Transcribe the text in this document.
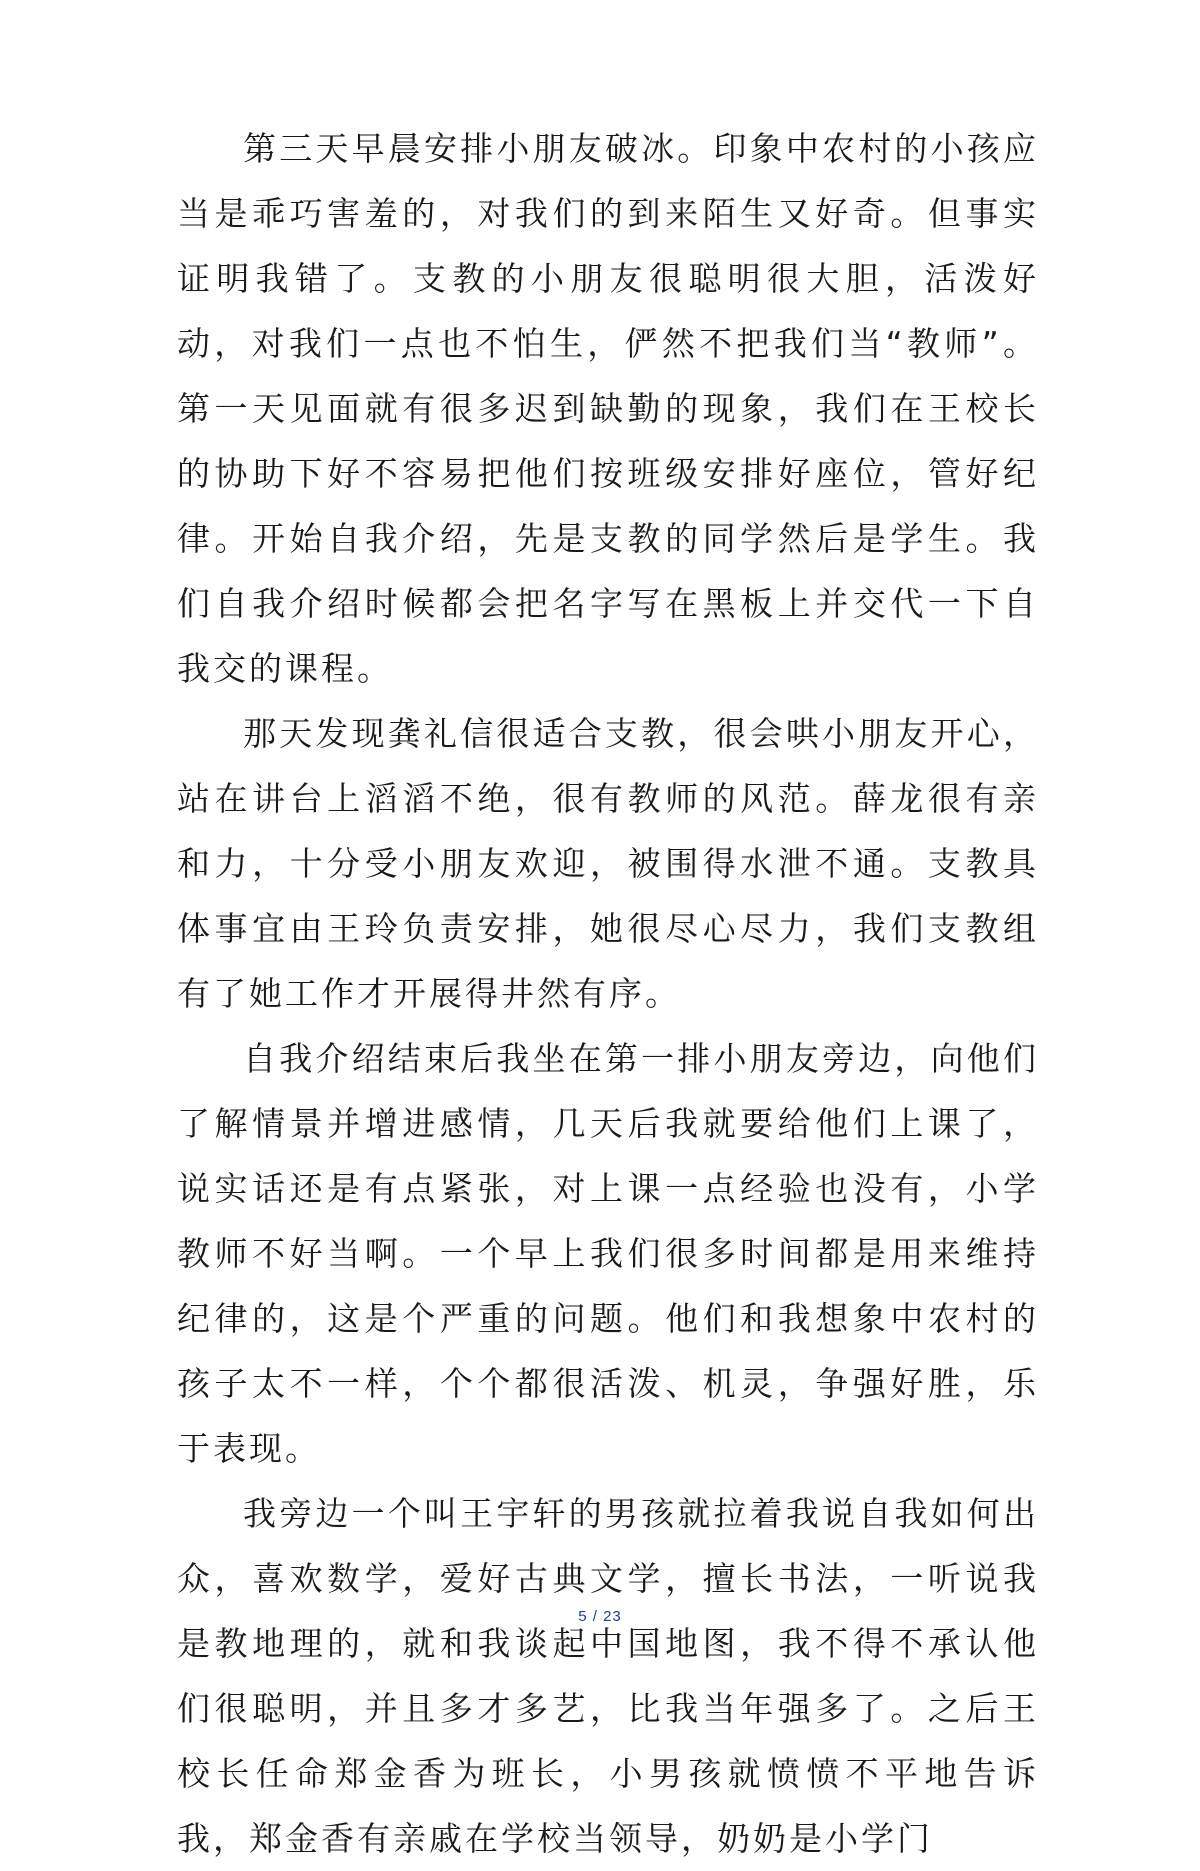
第三天早晨安排小朋友破冰。印象中农村的小孩应当是乖巧害羞的，对我们的到来陌生又好奇。但事实证明我错了。支教的小朋友很聪明很大胆，活泼好动，对我们一点也不怕生，俨然不把我们当“教师”。第一天见面就有很多迟到缺勤的现象，我们在王校长的协助下好不容易把他们按班级安排好座位，管好纪律。开始自我介绍，先是支教的同学然后是学生。我们自我介绍时候都会把名字写在黑板上并交代一下自我交的课程。

那天发现龚礼信很适合支教，很会哄小朋友开心，站在讲台上滔滔不绝，很有教师的风范。薛龙很有亲和力，十分受小朋友欢迎，被围得水泄不通。支教具体事宜由王玲负责安排，她很尽心尽力，我们支教组有了她工作才开展得井然有序。

自我介绍结束后我坐在第一排小朋友旁边，向他们了解情景并增进感情，几天后我就要给他们上课了，说实话还是有点紧张，对上课一点经验也没有，小学教师不好当啊。一个早上我们很多时间都是用来维持纪律的，这是个严重的问题。他们和我想象中农村的孩子太不一样，个个都很活泼、机灵，争强好胜，乐于表现。

我旁边一个叫王宇轩的男孩就拉着我说自我如何出众，喜欢数学，爱好古典文学，擅长书法，一听说我是教地理的，就和我谈起中国地图，我不得不承认他们很聪明，并且多才多艺，比我当年强多了。之后王校长任命郑金香为班长，小男孩就愤愤不平地告诉我，郑金香有亲戚在学校当领导，奶奶是小学门

5 / 23
